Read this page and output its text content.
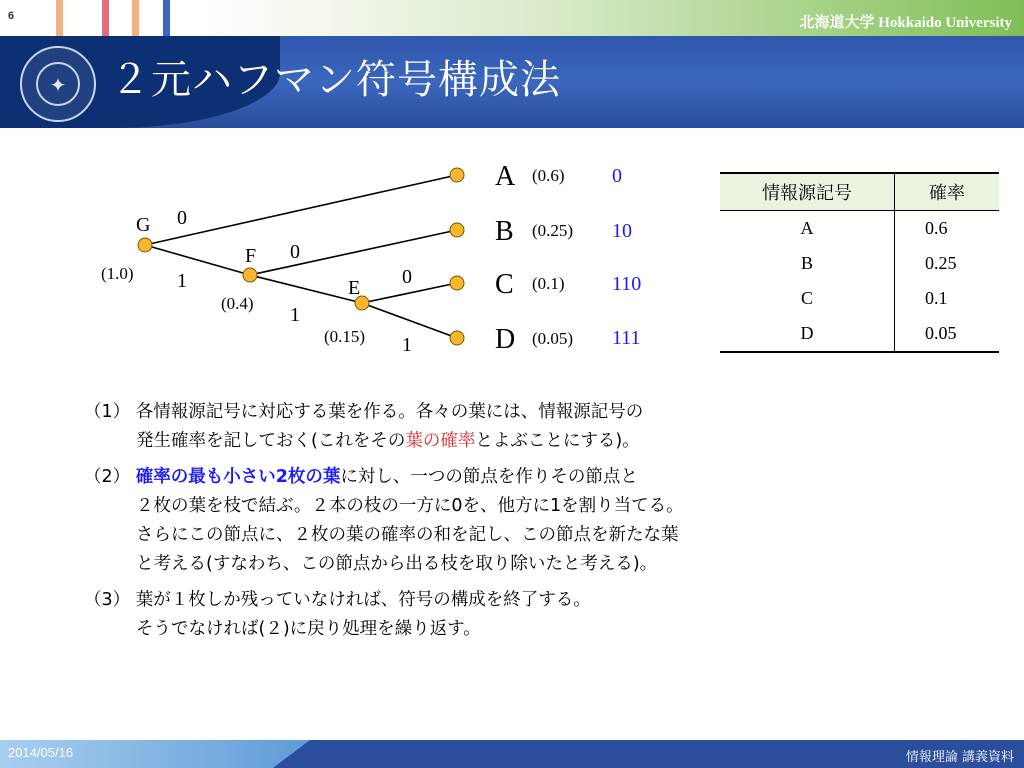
6	北海道大学 Hokkaido University
✦ ２元ハフマン符号構成法
G
(1.0)
F
(0.4)
E
(0.15)
0
1
0
1
0
1
A (0.6) 0
B (0.25) 10
C (0.1) 110
D (0.05) 111
情報源記号	確率
A	0.6
B	0.25
C	0.1
D	0.05

（1） 各情報源記号に対応する葉を作る。各々の葉には、情報源記号の

発生確率を記しておく(これをその葉の確率とよぶことにする)。

（2） 確率の最も小さい2枚の葉に対し、一つの節点を作りその節点と

２枚の葉を枝で結ぶ。２本の枝の一方に0を、他方に1を割り当てる。

さらにこの節点に、２枚の葉の確率の和を記し、この節点を新たな葉

と考える(すなわち、この節点から出る枝を取り除いたと考える)。

（3） 葉が１枚しか残っていなければ、符号の構成を終了する。

そうでなければ(２)に戻り処理を繰り返す。

2014/05/16	情報理論 講義資料
